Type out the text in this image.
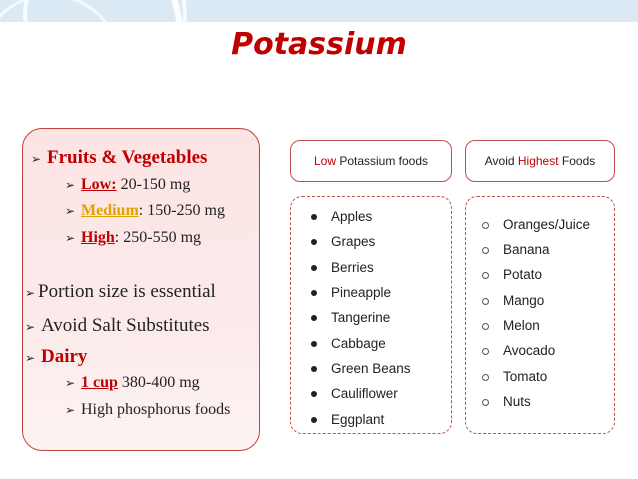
Potassium
➢ Fruits & Vegetables
➢ Low: 20-150 mg
➢ Medium: 150-250 mg
➢ High: 250-550 mg
➢ Portion size is essential
➢ Avoid Salt Substitutes
➢ Dairy
➢ 1 cup 380-400 mg
➢ High phosphorus foods
Low Potassium foods	Avoid Highest Foods
Apples
Grapes
Berries
Pineapple
Tangerine
Cabbage
Green Beans
Cauliflower
Eggplant
Oranges/Juice
Banana
Potato
Mango
Melon
Avocado
Tomato
Nuts
